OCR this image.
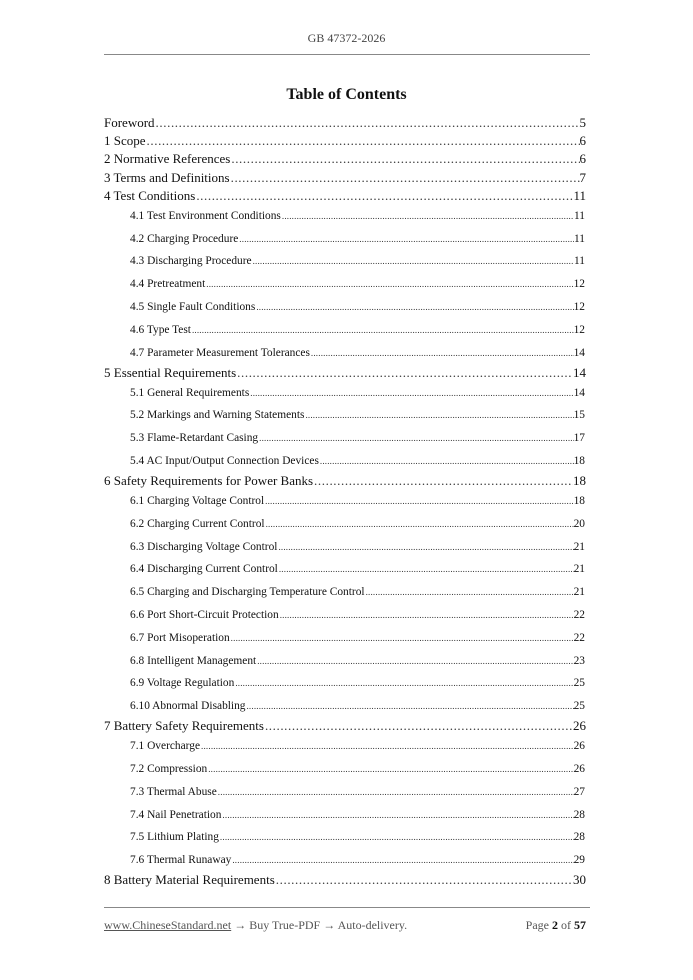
GB 47372-2026
Table of Contents
Foreword .....	5
1 Scope .....	6
2 Normative References .....	6
3 Terms and Definitions .....	7
4 Test Conditions .....	11
4.1 Test Environment Conditions .....	11
4.2 Charging Procedure .....	11
4.3 Discharging Procedure .....	11
4.4 Pretreatment .....	12
4.5 Single Fault Conditions .....	12
4.6 Type Test .....	12
4.7 Parameter Measurement Tolerances .....	14
5 Essential Requirements .....	14
5.1 General Requirements .....	14
5.2 Markings and Warning Statements .....	15
5.3 Flame-Retardant Casing .....	17
5.4 AC Input/Output Connection Devices .....	18
6 Safety Requirements for Power Banks .....	18
6.1 Charging Voltage Control .....	18
6.2 Charging Current Control .....	20
6.3 Discharging Voltage Control .....	21
6.4 Discharging Current Control .....	21
6.5 Charging and Discharging Temperature Control .....	21
6.6 Port Short-Circuit Protection .....	22
6.7 Port Misoperation .....	22
6.8 Intelligent Management .....	23
6.9 Voltage Regulation .....	25
6.10 Abnormal Disabling .....	25
7 Battery Safety Requirements .....	26
7.1 Overcharge .....	26
7.2 Compression .....	26
7.3 Thermal Abuse .....	27
7.4 Nail Penetration .....	28
7.5 Lithium Plating .....	28
7.6 Thermal Runaway .....	29
8 Battery Material Requirements .....	30
www.ChineseStandard.net → Buy True-PDF → Auto-delivery.	Page 2 of 57
